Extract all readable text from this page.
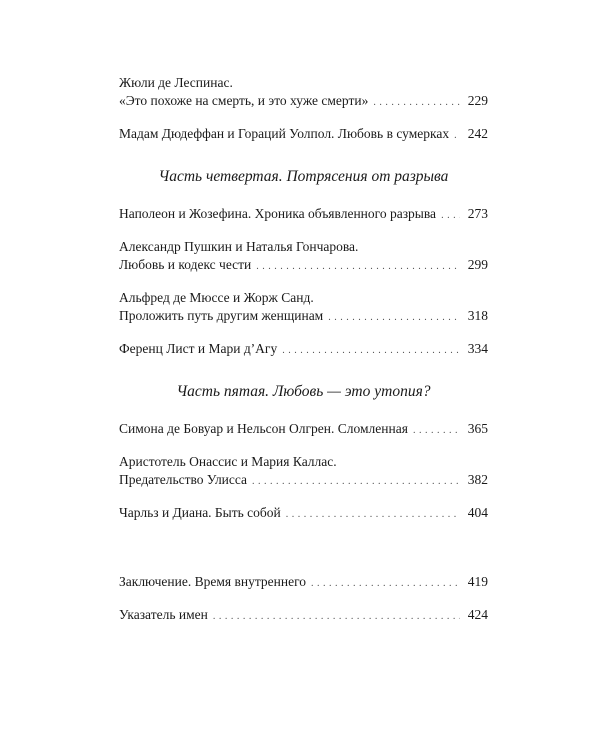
Жюли де Леспинас.
«Это похоже на смерть, и это хуже смерти» . . .	229
Мадам Дюдеффан и Гораций Уолпол. Любовь в сумерках . . . 242
Часть четвертая. Потрясения от разрыва
Наполеон и Жозефина. Хроника объявленного разрыва . . . 273
Александр Пушкин и Наталья Гончарова.
Любовь и кодекс чести . . .	299
Альфред де Мюссе и Жорж Санд.
Проложить путь другим женщинам . . .	318
Ференц Лист и Мари д’Агу . . .	334
Часть пятая. Любовь — это утопия?
Симона де Бовуар и Нельсон Олгрен. Сломленная . . .	365
Аристотель Онассис и Мария Каллас.
Предательство Улисса . . .	382
Чарльз и Диана. Быть собой . . .	404
Заключение. Время внутреннего . . .	419
Указатель имен . . .	424
